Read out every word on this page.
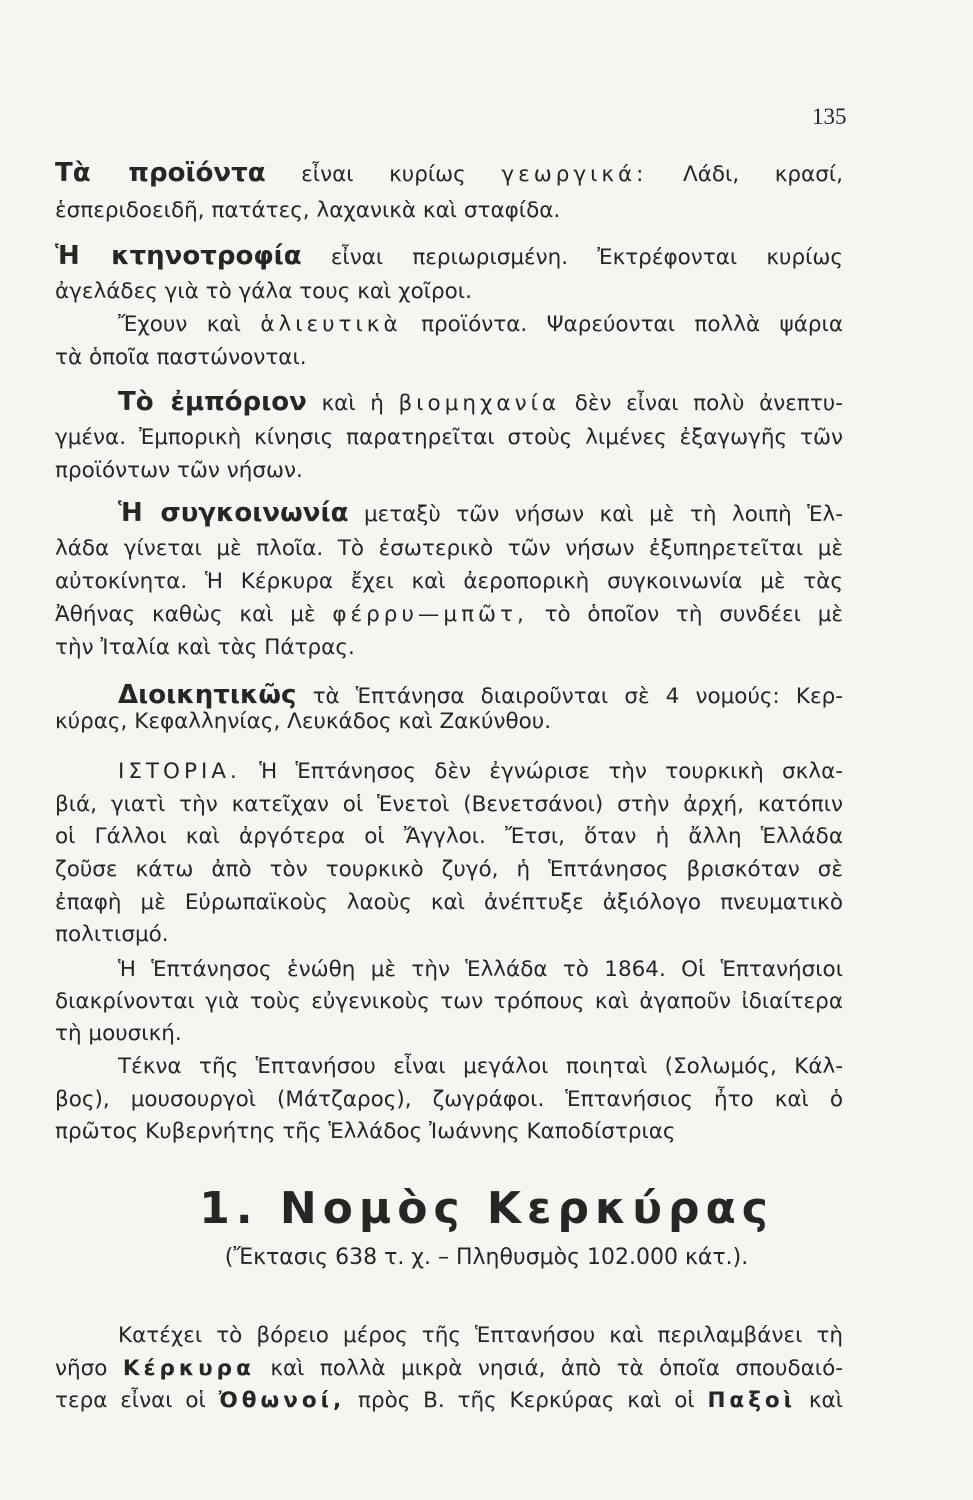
135
Τὰ προϊόντα εἶναι κυρίως γεωργικά: Λάδι, κρασί,
ἑσπεριδοειδῆ, πατάτες, λαχανικὰ καὶ σταφίδα.
Ἡ κτηνοτροφία εἶναι περιωρισμένη. Ἐκτρέφονται κυρίως
ἀγελάδες γιὰ τὸ γάλα τους καὶ χοῖροι.
Ἔχουν καὶ ἁλιευτικὰ προϊόντα. Ψαρεύονται πολλὰ ψάρια
τὰ ὁποῖα παστώνονται.
Τὸ ἐμπόριον καὶ ἡ βιομηχανία δὲν εἶναι πολὺ ἀνεπτυ-
γμένα. Ἐμπορικὴ κίνησις παρατηρεῖται στοὺς λιμένες ἐξαγωγῆς τῶν
προϊόντων τῶν νήσων.
Ἡ συγκοινωνία μεταξὺ τῶν νήσων καὶ μὲ τὴ λοιπὴ Ἑλ-
λάδα γίνεται μὲ πλοῖα. Τὸ ἐσωτερικὸ τῶν νήσων ἐξυπηρετεῖται μὲ
αὐτοκίνητα. Ἡ Κέρκυρα ἔχει καὶ ἀεροπορικὴ συγκοινωνία μὲ τὰς
Ἀθήνας καθὼς καὶ μὲ φέρρυ—μπῶτ, τὸ ὁποῖον τὴ συνδέει μὲ
τὴν Ἰταλία καὶ τὰς Πάτρας.
Διοικητικῶς τὰ Ἑπτάνησα διαιροῦνται σὲ 4 νομούς: Κερ-
κύρας, Κεφαλληνίας, Λευκάδος καὶ Ζακύνθου.
ΙΣΤΟΡΙΑ. Ἡ Ἑπτάνησος δὲν ἐγνώρισε τὴν τουρκικὴ σκλα-
βιά, γιατὶ τὴν κατεῖχαν οἱ Ἑνετοὶ (Βενετσάνοι) στὴν ἀρχή, κατόπιν
οἱ Γάλλοι καὶ ἀργότερα οἱ Ἄγγλοι. Ἔτσι, ὅταν ἡ ἄλλη Ἑλλάδα
ζοῦσε κάτω ἀπὸ τὸν τουρκικὸ ζυγό, ἡ Ἑπτάνησος βρισκόταν σὲ
ἐπαφὴ μὲ Εὐρωπαϊκοὺς λαοὺς καὶ ἀνέπτυξε ἀξιόλογο πνευματικὸ
πολιτισμό.
Ἡ Ἑπτάνησος ἑνώθη μὲ τὴν Ἑλλάδα τὸ 1864. Οἱ Ἑπτανήσιοι
διακρίνονται γιὰ τοὺς εὐγενικοὺς των τρόπους καὶ ἀγαποῦν ἰδιαίτερα
τὴ μουσική.
Τέκνα τῆς Ἑπτανήσου εἶναι μεγάλοι ποιηταὶ (Σολωμός, Κάλ-
βος), μουσουργοὶ (Μάτζαρος), ζωγράφοι. Ἑπτανήσιος ἦτο καὶ ὁ
πρῶτος Κυβερνήτης τῆς Ἑλλάδος Ἰωάννης Καποδίστριας
1. Νομὸς Κερκύρας
(Ἔκτασις 638 τ. χ. – Πληθυσμὸς 102.000 κάτ.).
Κατέχει τὸ βόρειο μέρος τῆς Ἑπτανήσου καὶ περιλαμβάνει τὴ
νῆσο Κέρκυρα καὶ πολλὰ μικρὰ νησιά, ἀπὸ τὰ ὁποῖα σπουδαιό-
τερα εἶναι οἱ Ὀθωνοί, πρὸς Β. τῆς Κερκύρας καὶ οἱ Παξοὶ καὶ
